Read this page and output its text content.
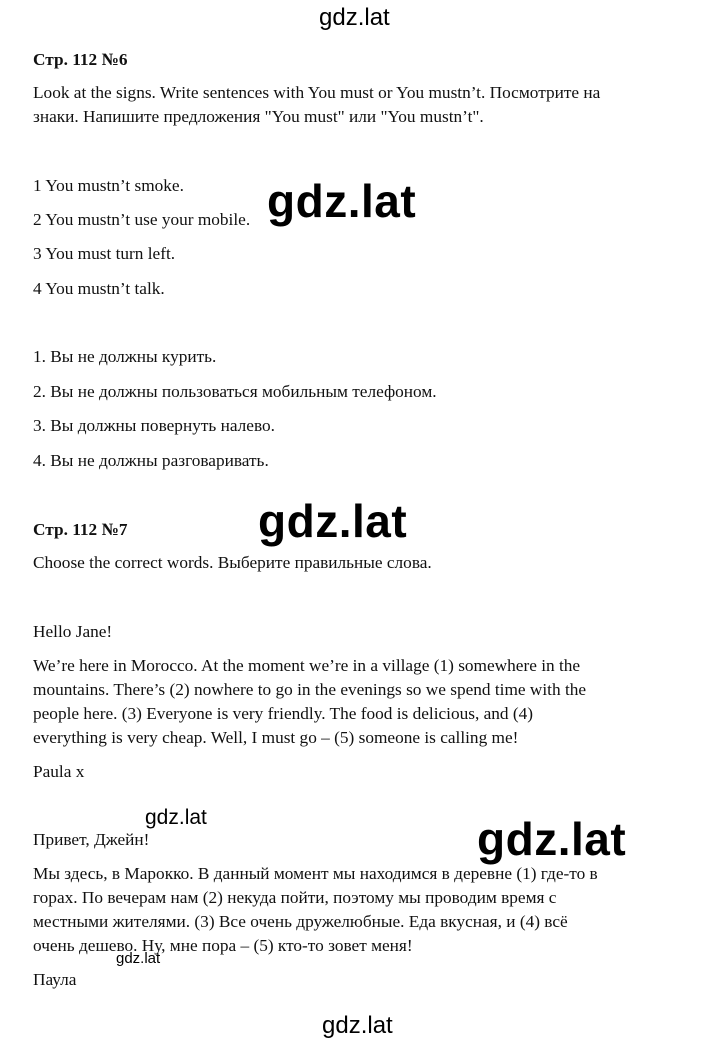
Стр. 112 №6
Look at the signs. Write sentences with You must or You mustn’t. Посмотрите на
знаки. Напишите предложения "You must" или "You mustn’t".
1 You mustn’t smoke.
2 You mustn’t use your mobile.
3 You must turn left.
4 You mustn’t talk.
1. Вы не должны курить.
2. Вы не должны пользоваться мобильным телефоном.
3. Вы должны повернуть налево.
4. Вы не должны разговаривать.
Стр. 112 №7
Choose the correct words. Выберите правильные слова.
Hello Jane!
We’re here in Morocco. At the moment we’re in a village (1) somewhere in the
mountains. There’s (2) nowhere to go in the evenings so we spend time with the
people here. (3) Everyone is very friendly. The food is delicious, and (4)
everything is very cheap. Well, I must go – (5) someone is calling me!
Paula x
Привет, Джейн!
Мы здесь, в Марокко. В данный момент мы находимся в деревне (1) где-то в
горах. По вечерам нам (2) некуда пойти, поэтому мы проводим время с
местными жителями. (3) Все очень дружелюбные. Еда вкусная, и (4) всё
очень дешево. Ну, мне пора – (5) кто-то зовет меня!
Паула
gdz.lat
gdz.lat
gdz.lat
gdz.lat
gdz.lat
gdz.lat
gdz.lat
